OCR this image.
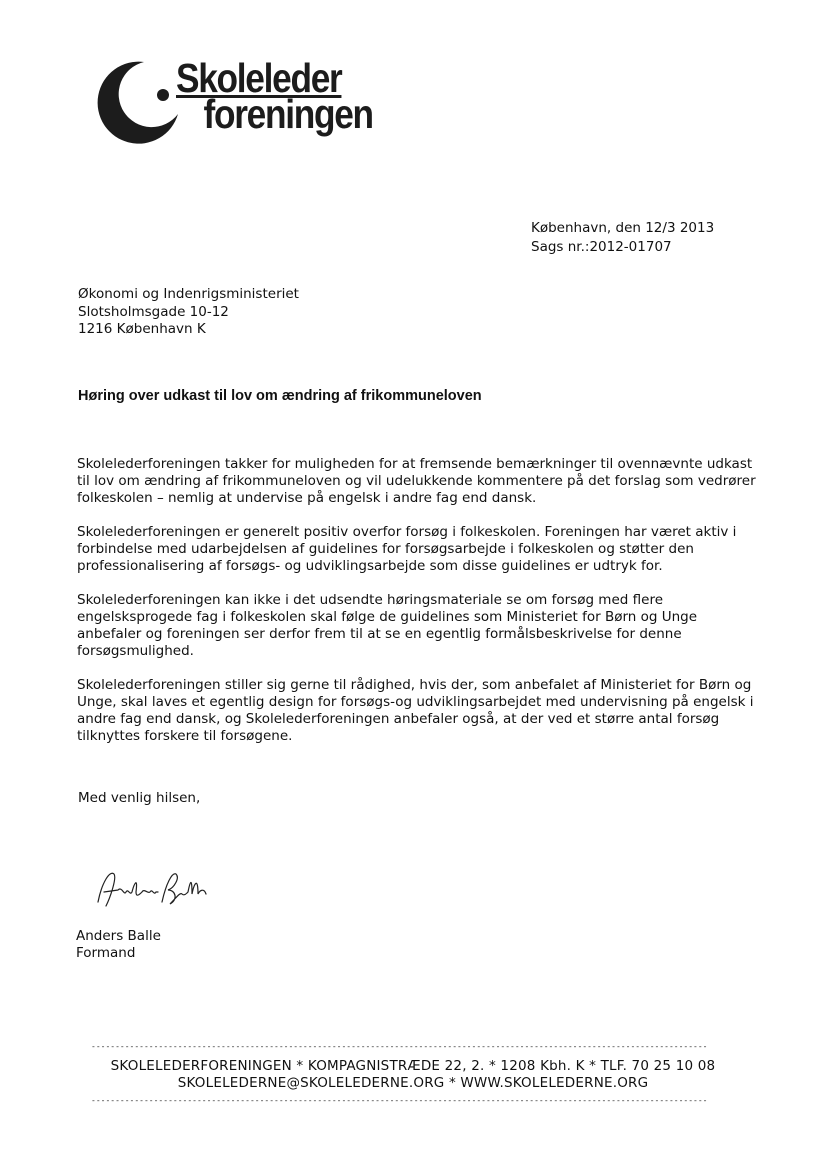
Skoleleder
foreningen
København, den 12/3 2013
Sags nr.:2012-01707
Økonomi og Indenrigsministeriet
Slotsholmsgade 10-12
1216 København K
Høring over udkast til lov om ændring af frikommuneloven

Skolelederforeningen takker for muligheden for at fremsende bemærkninger til ovennævnte udkast til lov om ændring af frikommuneloven og vil udelukkende kommentere på det forslag som vedrører folkeskolen – nemlig at undervise på engelsk i andre fag end dansk.

Skolelederforeningen er generelt positiv overfor forsøg i folkeskolen. Foreningen har været aktiv i forbindelse med udarbejdelsen af guidelines for forsøgsarbejde i folkeskolen og støtter den professionalisering af forsøgs- og udviklingsarbejde som disse guidelines er udtryk for.

Skolelederforeningen kan ikke i det udsendte høringsmateriale se om forsøg med flere engelsksprogede fag i folkeskolen skal følge de guidelines som Ministeriet for Børn og Unge anbefaler og foreningen ser derfor frem til at se en egentlig formålsbeskrivelse for denne forsøgsmulighed.

Skolelederforeningen stiller sig gerne til rådighed, hvis der, som anbefalet af Ministeriet for Børn og Unge, skal laves et egentlig design for forsøgs-og udviklingsarbejdet med undervisning på engelsk i andre fag end dansk, og Skolelederforeningen anbefaler også, at der ved et større antal forsøg tilknyttes forskere til forsøgene.

Med venlig hilsen,
Anders Balle
Formand
--------------------------------------------------------------------------------------------------------------------------------
SKOLELEDERFORENINGEN * KOMPAGNISTRÆDE 22, 2. * 1208 Kbh. K * TLF. 70 25 10 08
SKOLELEDERNE@SKOLELEDERNE.ORG * WWW.SKOLELEDERNE.ORG
--------------------------------------------------------------------------------------------------------------------------------
